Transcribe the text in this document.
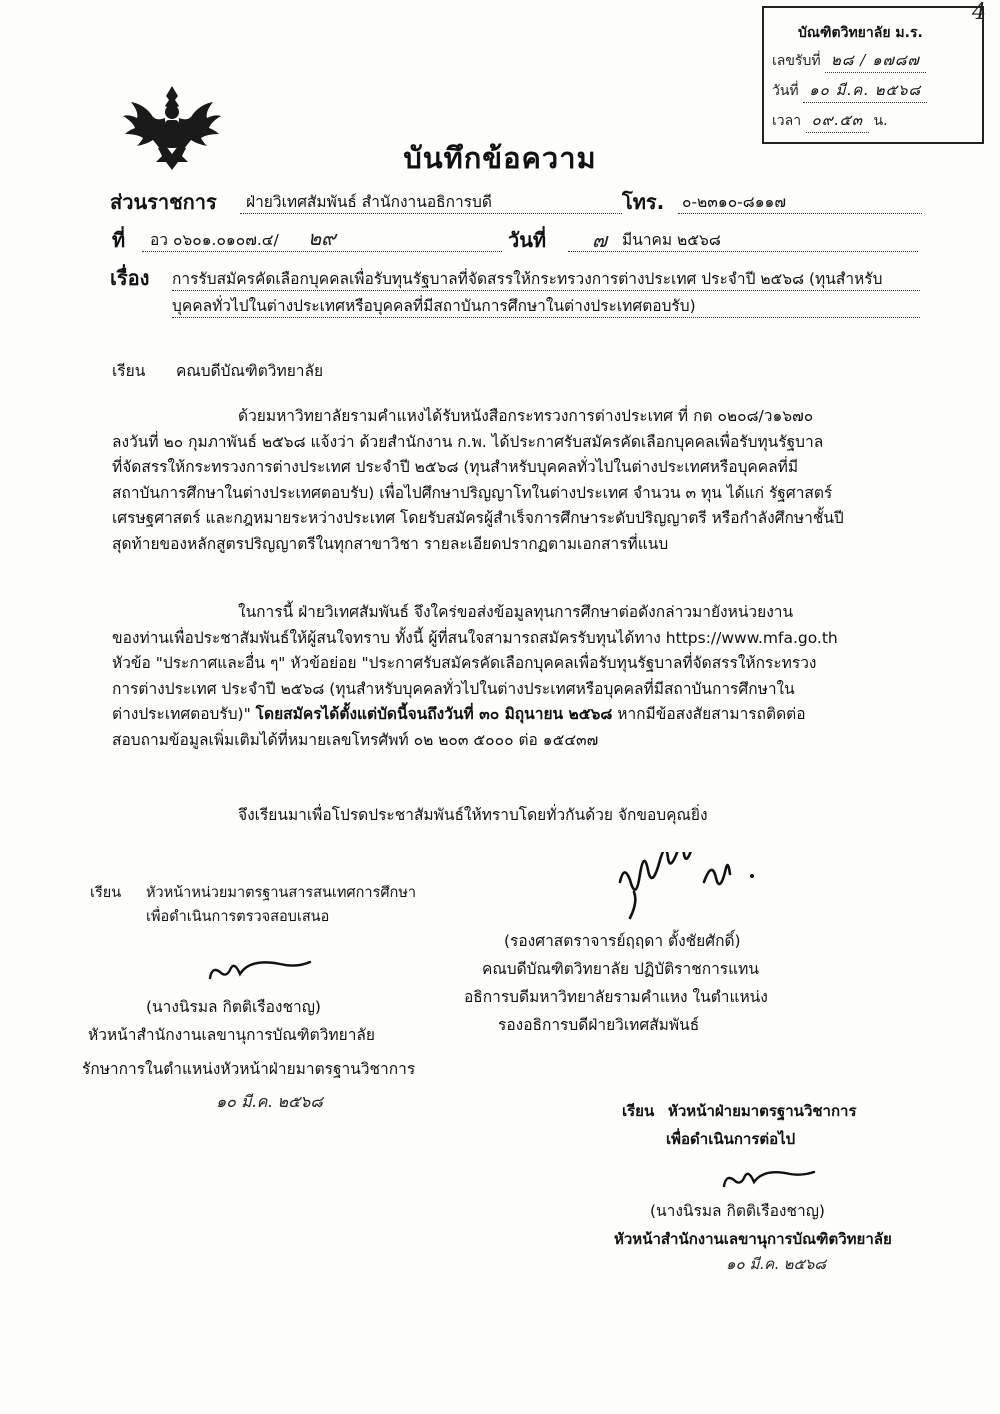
บัณฑิตวิทยาลัย ม.ร.
เลขรับที่ ๒๘ / ๑๗๘๗
วันที่ ๑๐ มี.ค. ๒๕๖๘
เวลา ๐๙.๕๓ น.
4
บันทึกข้อความ
ส่วนราชการ	ฝ่ายวิเทศสัมพันธ์ สำนักงานอธิการบดี	โทร. ๐-๒๓๑๐-๘๑๑๗
ที่ อว ๐๖๐๑.๐๑๐๗.๔/ ๒๙	วันที่ ๗ มีนาคม ๒๕๖๘
เรื่อง การรับสมัครคัดเลือกบุคคลเพื่อรับทุนรัฐบาลที่จัดสรรให้กระทรวงการต่างประเทศ ประจำปี ๒๕๖๘ (ทุนสำหรับ
บุคคลทั่วไปในต่างประเทศหรือบุคคลที่มีสถาบันการศึกษาในต่างประเทศตอบรับ)
เรียน คณบดีบัณฑิตวิทยาลัย
ด้วยมหาวิทยาลัยรามคำแหงได้รับหนังสือกระทรวงการต่างประเทศ ที่ กต ๐๒๐๘/ว๑๖๗๐
ลงวันที่ ๒๐ กุมภาพันธ์ ๒๕๖๘ แจ้งว่า ด้วยสำนักงาน ก.พ. ได้ประกาศรับสมัครคัดเลือกบุคคลเพื่อรับทุนรัฐบาล
ที่จัดสรรให้กระทรวงการต่างประเทศ ประจำปี ๒๕๖๘ (ทุนสำหรับบุคคลทั่วไปในต่างประเทศหรือบุคคลที่มี
สถาบันการศึกษาในต่างประเทศตอบรับ) เพื่อไปศึกษาปริญญาโทในต่างประเทศ จำนวน ๓ ทุน ได้แก่ รัฐศาสตร์
เศรษฐศาสตร์ และกฎหมายระหว่างประเทศ โดยรับสมัครผู้สำเร็จการศึกษาระดับปริญญาตรี หรือกำลังศึกษาชั้นปี
สุดท้ายของหลักสูตรปริญญาตรีในทุกสาขาวิชา รายละเอียดปรากฏตามเอกสารที่แนบ
ในการนี้ ฝ่ายวิเทศสัมพันธ์ จึงใคร่ขอส่งข้อมูลทุนการศึกษาต่อดังกล่าวมายังหน่วยงาน
ของท่านเพื่อประชาสัมพันธ์ให้ผู้สนใจทราบ ทั้งนี้ ผู้ที่สนใจสามารถสมัครรับทุนได้ทาง https://www.mfa.go.th
หัวข้อ "ประกาศและอื่น ๆ" หัวข้อย่อย "ประกาศรับสมัครคัดเลือกบุคคลเพื่อรับทุนรัฐบาลที่จัดสรรให้กระทรวง
การต่างประเทศ ประจำปี ๒๕๖๘ (ทุนสำหรับบุคคลทั่วไปในต่างประเทศหรือบุคคลที่มีสถาบันการศึกษาใน
ต่างประเทศตอบรับ)" โดยสมัครได้ตั้งแต่บัดนี้จนถึงวันที่ ๓๐ มิถุนายน ๒๕๖๘ หากมีข้อสงสัยสามารถติดต่อ
สอบถามข้อมูลเพิ่มเติมได้ที่หมายเลขโทรศัพท์ ๐๒ ๒๐๓ ๕๐๐๐ ต่อ ๑๕๔๓๗
จึงเรียนมาเพื่อโปรดประชาสัมพันธ์ให้ทราบโดยทั่วกันด้วย จักขอบคุณยิ่ง
(รองศาสตราจารย์ฤฤดา ตั้งชัยศักดิ์)
คณบดีบัณฑิตวิทยาลัย ปฏิบัติราชการแทน
อธิการบดีมหาวิทยาลัยรามคำแหง ในตำแหน่ง
รองอธิการบดีฝ่ายวิเทศสัมพันธ์
เรียน หัวหน้าหน่วยมาตรฐานสารสนเทศการศึกษา
เพื่อดำเนินการตรวจสอบเสนอ
(นางนิรมล กิตติเรืองชาญ)
หัวหน้าสำนักงานเลขานุการบัณฑิตวิทยาลัย
รักษาการในตำแหน่งหัวหน้าฝ่ายมาตรฐานวิชาการ
๑๐ มี.ค. ๒๕๖๘	เรียน หัวหน้าฝ่ายมาตรฐานวิชาการ
เพื่อดำเนินการต่อไป
(นางนิรมล กิตติเรืองชาญ)
หัวหน้าสำนักงานเลขานุการบัณฑิตวิทยาลัย
๑๐ มี.ค. ๒๕๖๘
